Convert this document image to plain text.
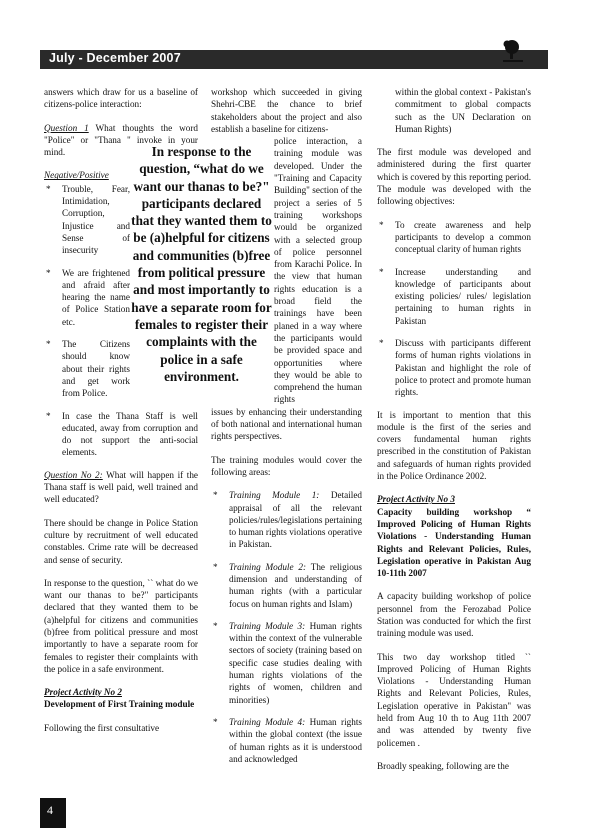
July - December 2007

answers which draw for us a baseline of citizens-police interaction:

Question 1 What thoughts the word "Police" or "Thana " invoke in your mind.

Negative/Positive
* Trouble, Fear, Intimidation, Corruption, Injustice and Sense of insecurity
* We are frightened and afraid after hearing the name of Police Station etc.
* The Citizens should know about their rights and get work from Police.
* In case the Thana Staff is well educated, away from corruption and do not support the anti-social elements.

Question No 2: What will happen if the Thana staff is well paid, well trained and well educated?

There should be change in Police Station culture by recruitment of well educated constables. Crime rate will be decreased and sense of security.

In response to the question, `` what do we want our thanas to be?" participants declared that they wanted them to be (a)helpful for citizens and communities (b)free from political pressure and most importantly to have a separate room for females to register their complaints with the police in a safe environment.

Project Activity No 2
Development of First Training module

Following the first consultative

In response to the question, “what do we want our thanas to be?" participants declared that they wanted them to be (a)helpful for citizens and communities (b)free from political pressure and most importantly to have a separate room for females to register their complaints with the police in a safe environment.

workshop which succeeded in giving Shehri-CBE the chance to brief stakeholders about the project and also establish a baseline for citizens-

police interaction, a training module was developed. Under the "Training and Capacity Building" section of the project a series of 5 training workshops would be organized with a selected group of police personnel from Karachi Police. In the view that human rights education is a broad field the trainings have been planed in a way where the participants would be provided space and opportunities where they would be able to comprehend the human rights

issues by enhancing their understanding of both national and international human rights perspectives.

The training modules would cover the following areas:

* Training Module 1: Detailed appraisal of all the relevant policies/rules/legislations pertaining to human rights violations operative in Pakistan.
* Training Module 2: The religious dimension and understanding of human rights (with a particular focus on human rights and Islam)
* Training Module 3: Human rights within the context of the vulnerable sectors of society (training based on specific case studies dealing with human rights violations of the rights of women, children and minorities)
* Training Module 4: Human rights within the global context (the issue of human rights as it is understood and acknowledged

within the global context - Pakistan's commitment to global compacts such as the UN Declaration on Human Rights)

The first module was developed and administered during the first quarter which is covered by this reporting period. The module was developed with the following objectives:

* To create awareness and help participants to develop a common conceptual clarity of human rights
* Increase understanding and knowledge of participants about existing policies/ rules/ legislation pertaining to human rights in Pakistan
* Discuss with participants different forms of human rights violations in Pakistan and highlight the role of police to protect and promote human rights.

It is important to mention that this module is the first of the series and covers fundamental human rights prescribed in the constitution of Pakistan and safeguards of human rights provided in the Police Ordinance 2002.

Project Activity No 3
Capacity building workshop “ Improved Policing of Human Rights Violations - Understanding Human Rights and Relevant Policies, Rules, Legislation operative in Pakistan Aug 10-11th 2007

A capacity building workshop of police personnel from the Ferozabad Police Station was conducted for which the first training module was used.

This two day workshop titled `` Improved Policing of Human Rights Violations - Understanding Human Rights and Relevant Policies, Rules, Legislation operative in Pakistan" was held from Aug 10 th to Aug 11th 2007 and was attended by twenty five policemen .

Broadly speaking, following are the

4
